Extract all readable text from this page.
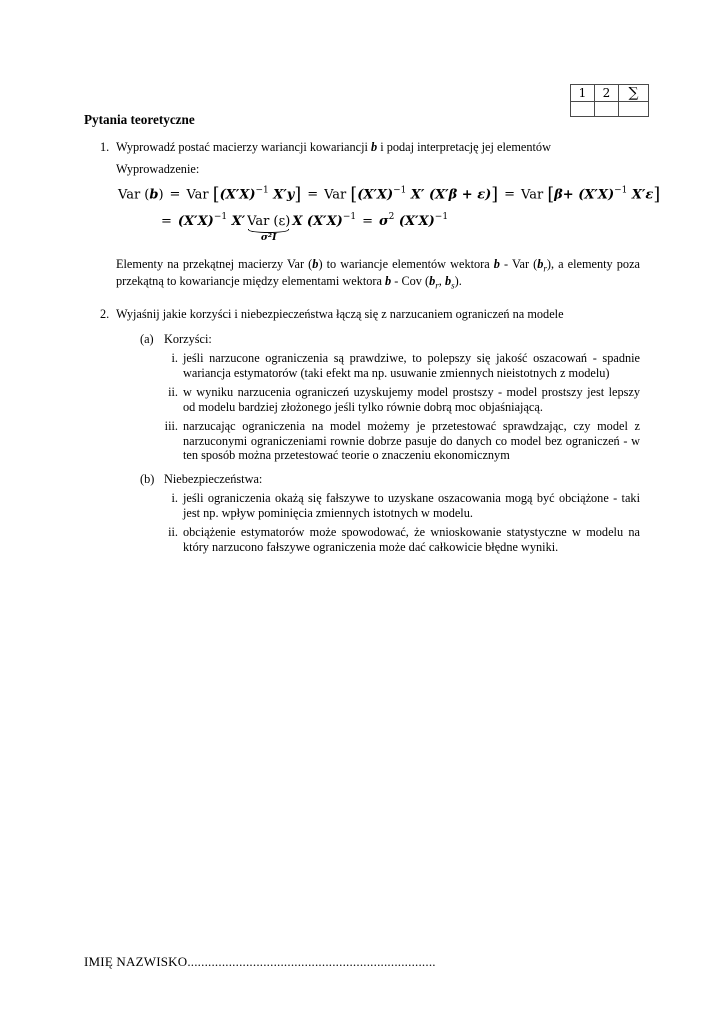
1	2	∑

Pytania teoretyczne
1. Wyprowadź postać macierzy wariancji kowariancji b i podaj interpretację jej elementów
Wyprowadzenie:
Var (b) = Var [$(X'X)^{-1}$ X′y] = Var [$(X'X)^{-1}$ X′ (X′β + ε)] = Var [$\beta+ (X'X)^{-1}$ X′ε]
= $(X'X)^{-1}$ X′ Var (ε)
σ²I
X $(X'X)^{-1} = \sigma^2$ $(X'X)^{-1}$
Elementy na przekątnej macierzy Var (b) to wariancje elementów wektora b - Var $(b_r)$, a elementy poza przekątną to kowariancje między elementami wektora b - Cov ($b_r$, $b_s$).
2. Wyjaśnij jakie korzyści i niebezpieczeństwa łączą się z narzucaniem ograniczeń na modele
(a) Korzyści:
i. jeśli narzucone ograniczenia są prawdziwe, to polepszy się jakość oszacowań - spadnie wariancja estymatorów (taki efekt ma np. usuwanie zmiennych nieistotnych z modelu)
ii. w wyniku narzucenia ograniczeń uzyskujemy model prostszy - model prostszy jest lepszy od modelu bardziej złożonego jeśli tylko równie dobrą moc objaśniającą.
iii. narzucając ograniczenia na model możemy je przetestować sprawdzając, czy model z narzuconymi ograniczeniami rownie dobrze pasuje do danych co model bez ograniczeń - w ten sposób można przetestować teorie o znaczeniu ekonomicznym
(b) Niebezpieczeństwa:
i. jeśli ograniczenia okażą się fałszywe to uzyskane oszacowania mogą być obciążone - taki jest np. wpływ pominięcia zmiennych istotnych w modelu.
ii. obciążenie estymatorów może spowodować, że wnioskowanie statystyczne w modelu na który narzucono fałszywe ograniczenia może dać całkowicie błędne wyniki.
IMIĘ NAZWISKO........................................................................
